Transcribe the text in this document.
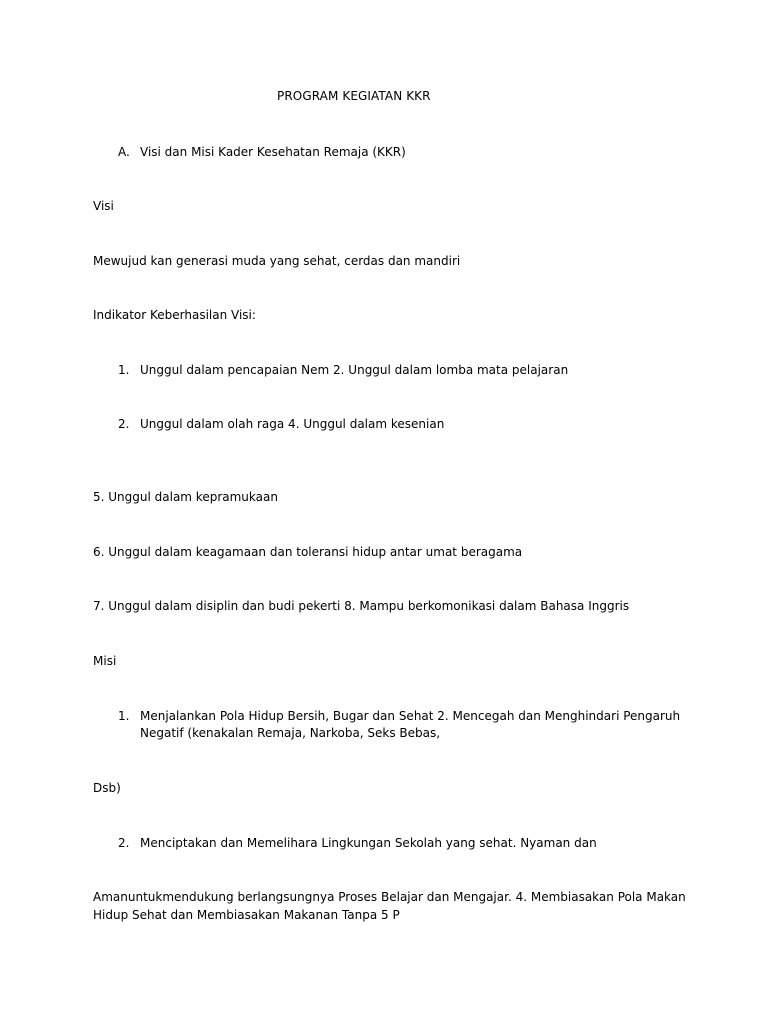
PROGRAM KEGIATAN KKR
A. Visi dan Misi Kader Kesehatan Remaja (KKR)
Visi
Mewujud kan generasi muda yang sehat, cerdas dan mandiri
Indikator Keberhasilan Visi:
1. Unggul dalam pencapaian Nem 2. Unggul dalam lomba mata pelajaran
2. Unggul dalam olah raga 4. Unggul dalam kesenian
5. Unggul dalam kepramukaan
6. Unggul dalam keagamaan dan toleransi hidup antar umat beragama
7. Unggul dalam disiplin dan budi pekerti 8. Mampu berkomonikasi dalam Bahasa Inggris
Misi
1. Menjalankan Pola Hidup Bersih, Bugar dan Sehat 2. Mencegah dan Menghindari Pengaruh
Negatif (kenakalan Remaja, Narkoba, Seks Bebas,
Dsb)
2. Menciptakan dan Memelihara Lingkungan Sekolah yang sehat. Nyaman dan
Amanuntukmendukung berlangsungnya Proses Belajar dan Mengajar. 4. Membiasakan Pola Makan
Hidup Sehat dan Membiasakan Makanan Tanpa 5 P
